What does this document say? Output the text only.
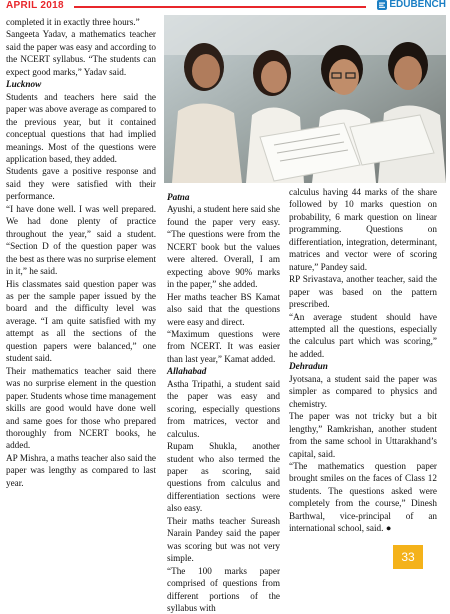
APRIL 2018	EDUBENCH

completed it in exactly three hours.”

Sangeeta Yadav, a mathematics teacher said the paper was easy and according to the NCERT syllabus. “The students can expect good marks,” Yadav said.

Lucknow

Students and teachers here said the paper was above average as compared to the previous year, but it contained conceptual questions that had implied meanings. Most of the questions were application based, they added.

Students gave a positive response and said they were satisfied with their performance.

“I have done well. I was well prepared. We had done plenty of practice throughout the year,” said a student. “Section D of the question paper was the best as there was no surprise element in it,” he said.

His classmates said question paper was as per the sample paper issued by the board and the difficulty level was average. “I am quite satisfied with my attempt as all the sections of the question papers were balanced,” one student said.

Their mathematics teacher said there was no surprise element in the question paper. Students whose time management skills are good would have done well and same goes for those who prepared thoroughly from NCERT books, he added.

AP Mishra, a maths teacher also said the paper was lengthy as compared to last year.

Patna

Ayushi, a student here said she found the paper very easy. “The questions were from the NCERT book but the values were altered. Overall, I am expecting above 90% marks in the paper,” she added.

Her maths teacher BS Kamat also said that the questions were easy and direct.

“Maximum questions were from NCERT. It was easier than last year,” Kamat added.

Allahabad

Astha Tripathi, a student said the paper was easy and scoring, especially questions from matrices, vector and calculus.

Rupam Shukla, another student who also termed the paper as scoring, said questions from calculus and differentiation sections were also easy.

Their maths teacher Sureash Narain Pandey said the paper was scoring but was not very simple.

“The 100 marks paper comprised of questions from different portions of the syllabus with

calculus having 44 marks of the share followed by 10 marks question on probability, 6 mark question on linear programming. Questions on differentiation, integration, determinant, matrices and vector were of scoring nature,” Pandey said.

RP Srivastava, another teacher, said the paper was based on the pattern prescribed.

“An average student should have attempted all the questions, especially the calculus part which was scoring,” he added.

Dehradun

Jyotsana, a student said the paper was simpler as compared to physics and chemistry.

The paper was not tricky but a bit lengthy,” Ramkrishan, another student from the same school in Uttarakhand’s capital, said.

“The mathematics question paper brought smiles on the faces of Class 12 students. The questions asked were completely from the course,” Dinesh Barthwal, vice-principal of an international school, said. ●

33
